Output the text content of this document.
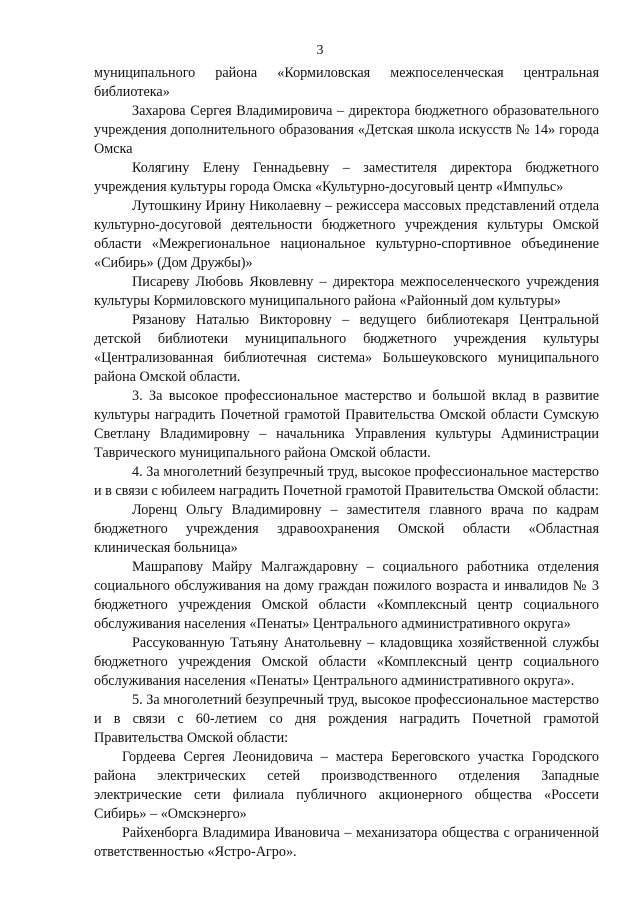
3

муниципального района «Кормиловская межпоселенческая центральная библиотека»

Захарова Сергея Владимировича – директора бюджетного образовательного учреждения дополнительного образования «Детская школа искусств № 14» города Омска

Колягину Елену Геннадьевну – заместителя директора бюджетного учреждения культуры города Омска «Культурно-досуговый центр «Импульс»

Лутошкину Ирину Николаевну – режиссера массовых представлений отдела культурно-досуговой деятельности бюджетного учреждения культуры Омской области «Межрегиональное национальное культурно-спортивное объединение «Сибирь» (Дом Дружбы)»

Писареву Любовь Яковлевну – директора межпоселенческого учреждения культуры Кормиловского муниципального района «Районный дом культуры»

Рязанову Наталью Викторовну – ведущего библиотекаря Центральной детской библиотеки муниципального бюджетного учреждения культуры «Централизованная библиотечная система» Большеуковского муниципального района Омской области.

3. За высокое профессиональное мастерство и большой вклад в развитие культуры наградить Почетной грамотой Правительства Омской области Сумскую Светлану Владимировну – начальника Управления культуры Администрации Таврического муниципального района Омской области.

4. За многолетний безупречный труд, высокое профессиональное мастерство и в связи с юбилеем наградить Почетной грамотой Правительства Омской области:

Лоренц Ольгу Владимировну – заместителя главного врача по кадрам бюджетного учреждения здравоохранения Омской области «Областная клиническая больница»

Машрапову Майру Малгаждаровну – социального работника отделения социального обслуживания на дому граждан пожилого возраста и инвалидов № 3 бюджетного учреждения Омской области «Комплексный центр социального обслуживания населения «Пенаты» Центрального административного округа»

Рассукованную Татьяну Анатольевну – кладовщика хозяйственной службы бюджетного учреждения Омской области «Комплексный центр социального обслуживания населения «Пенаты» Центрального административного округа».

5. За многолетний безупречный труд, высокое профессиональное мастерство и в связи с 60-летием со дня рождения наградить Почетной грамотой Правительства Омской области:

Гордеева Сергея Леонидовича – мастера Береговского участка Городского района электрических сетей производственного отделения Западные электрические сети филиала публичного акционерного общества «Россети Сибирь» – «Омскэнерго»

Райхенборга Владимира Ивановича – механизатора общества с ограниченной ответственностью «Ястро-Агро».
